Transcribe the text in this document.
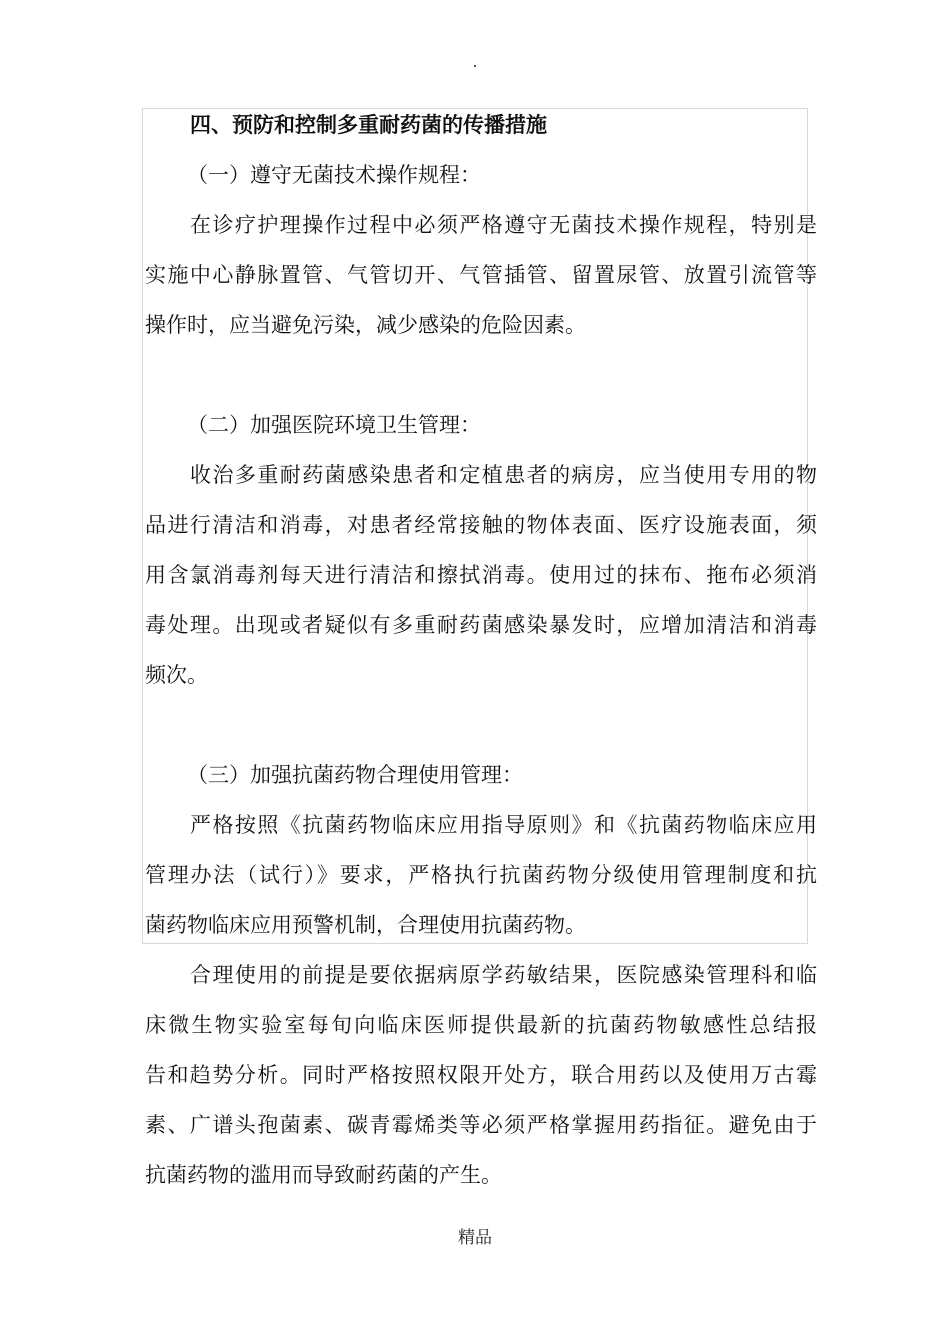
.
四、预防和控制多重耐药菌的传播措施
（一）遵守无菌技术操作规程：
在诊疗护理操作过程中必须严格遵守无菌技术操作规程，特别是
实施中心静脉置管、气管切开、气管插管、留置尿管、放置引流管等
操作时，应当避免污染，减少感染的危险因素。
（二）加强医院环境卫生管理：
收治多重耐药菌感染患者和定植患者的病房，应当使用专用的物
品进行清洁和消毒，对患者经常接触的物体表面、医疗设施表面，须
用含氯消毒剂每天进行清洁和擦拭消毒。使用过的抹布、拖布必须消
毒处理。出现或者疑似有多重耐药菌感染暴发时，应增加清洁和消毒
频次。
（三）加强抗菌药物合理使用管理：
严格按照《抗菌药物临床应用指导原则》和《抗菌药物临床应用
管理办法（试行）》要求，严格执行抗菌药物分级使用管理制度和抗
菌药物临床应用预警机制，合理使用抗菌药物。
合理使用的前提是要依据病原学药敏结果，医院感染管理科和临
床微生物实验室每旬向临床医师提供最新的抗菌药物敏感性总结报
告和趋势分析。同时严格按照权限开处方，联合用药以及使用万古霉
素、广谱头孢菌素、碳青霉烯类等必须严格掌握用药指征。避免由于
抗菌药物的滥用而导致耐药菌的产生。
精品
